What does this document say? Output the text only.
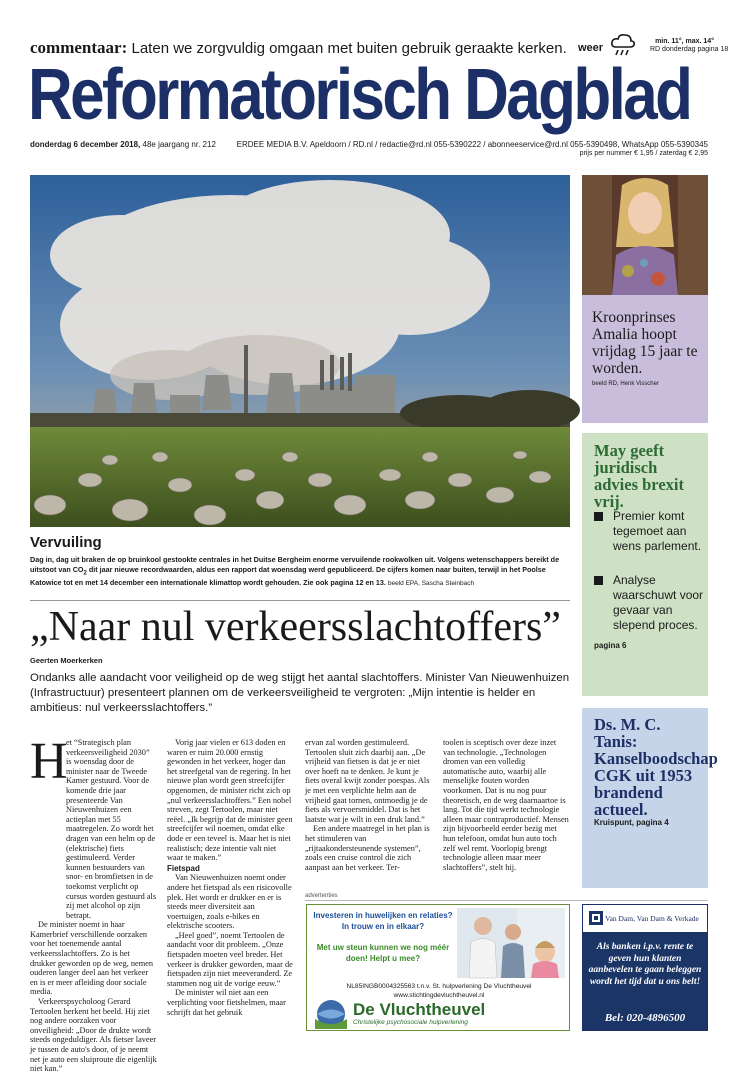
commentaar: Laten we zorgvuldig omgaan met buiten gebruik geraakte kerken. weer
min. 11°, max. 14°
RD donderdag pagina 18
Reformatorisch Dagblad
donderdag 6 december 2018, 48e jaargang nr. 212	ERDEE MEDIA B.V. Apeldoorn / RD.nl / redactie@rd.nl 055-5390222 / abonneeservice@rd.nl 055-5390498, WhatsApp 055-5390345
prijs per nummer € 1,95 / zaterdag € 2,95
Vervuiling
Dag in, dag uit braken de op bruinkool gestookte centrales in het Duitse Bergheim enorme vervuilende rookwolken uit. Volgens wetenschappers bereikt de uitstoot van $CO_2$ dit jaar nieuwe recordwaarden, aldus een rapport dat woensdag werd gepubliceerd. De cijfers komen naar buiten, terwijl in het Poolse Katowice tot en met 14 december een internationale klimattop wordt gehouden. Zie ook pagina 12 en 13. beeld EPA, Sascha Steinbach
„Naar nul verkeersslachtoffers”
Geerten Moerkerken
Ondanks alle aandacht voor veiligheid op de weg stijgt het aantal slachtoffers. Minister Van Nieuwenhuizen (Infrastructuur) presenteert plannen om de verkeersveiligheid te vergroten: „Mijn intentie is helder en ambitieus: nul verkeersslachtoffers.”
H

et “Strategisch plan verkeersveiligheid 2030” is woensdag door de minister naar de Tweede Kamer gestuurd. Voor de komende drie jaar presenteerde Van Nieuwenhuizen een actieplan met 55 maatregelen. Zo wordt het dragen van een helm op de (elektrische) fiets gestimuleerd. Verder kunnen bestuurders van snor- en bromfietsen in de toekomst verplicht op cursus worden gestuurd als zij met alcohol op zijn betrapt.

De minister noemt in haar Kamerbrief verschillende oorzaken voor het toenemende aantal verkeersslachtoffers. Zo is het drukker geworden op de weg, nemen ouderen langer deel aan het verkeer en is er meer afleiding door sociale media.

Verkeerspsycholoog Gerard Tertoolen herkent het beeld. Hij ziet nog andere oorzaken voor onveiligheid: „Door de drukte wordt steeds ongeduldiger. Als fietser laveer je tussen de auto's door, of je neemt net je auto een sluiproute die eigenlijk niet kan.”

Vorig jaar vielen er 613 doden en waren er ruim 20.000 ernstig gewonden in het verkeer, hoger dan het streefgetal van de regering. In het nieuwe plan wordt geen streefcijfer opgenomen, de minister richt zich op „nul verkeersslachtoffers.” Een nobel streven, zegt Tertoolen, maar niet reëel. „Ik begrijp dat de minister geen streefcijfer wil noemen, omdat elke dode er een teveel is. Maar het is niet realistisch; deze intentie valt niet waar te maken.”

Fietspad

Van Nieuwenhuizen noemt onder andere het fietspad als een risicovolle plek. Het wordt er drukker en er is steeds meer diversiteit aan voertuigen, zoals e-bikes en elektrische scooters.

„Heel goed”, noemt Tertoolen de aandacht voor dit probleem. „Onze fietspaden moeten veel breder. Het verkeer is drukker geworden, maar de fietspaden zijn niet meeveranderd. Ze stammen nog uit de vorige eeuw.”

De minister wil niet aan een verplichting voor fietshelmen, maar schrijft dat het gebruik

ervan zal worden gestimuleerd. Tertoolen sluit zich daarbij aan. „De vrijheid van fietsen is dat je er niet over hoeft na te denken. Je kunt je fiets overal kwijt zonder poespas. Als je met een verplichte helm aan de vrijheid gaat tornen, ontmoedig je de fiets als vervoersmiddel. Dat is het laatste wat je wilt in een druk land.”

Een andere maatregel in het plan is het stimuleren van „rijtaakondersteunende systemen”, zoals een cruise control die zich aanpast aan het verkeer. Ter-

toolen is sceptisch over deze inzet van technologie. „Technologen dromen van een volledig automatische auto, waarbij alle menselijke fouten worden voorkomen. Dat is nu nog puur theoretisch, en de weg daarnaartoe is lang. Tot die tijd werkt technologie alleen maar contraproductief. Mensen zijn bijvoorbeeld eerder bezig met hun telefoon, omdat hun auto toch zelf wel remt. Voorlopig brengt technologie alleen maar meer slachtoffers”, stelt hij.

advertenties
Investeren in huwelijken en relaties? In trouw en in elkaar?
Met uw steun kunnen we nog méér doen! Helpt u mee?
NL85INGB0004325563 t.n.v. St. hulpverlening De Vluchtheuvel www.stichtingdevluchtheuvel.nl
De Vluchtheuvel
Christelijke psychosociale hulpverlening
Van Dam, Van Dam & Verkade
Als banken i.p.v. rente te geven hun klanten aanbevelen te gaan beleggen wordt het tijd dat u ons belt!
Bel: 020-4896500
Kroonprinses Amalia hoopt vrijdag 15 jaar te worden.
beeld RD, Henk Visscher
May geeft juridisch advies brexit vrij.
Premier komt tegemoet aan wens parlement.
Analyse waarschuwt voor gevaar van slepend proces.
pagina 6
Ds. M. C. Tanis: Kanselboodschap CGK uit 1953 brandend actueel.
Kruispunt, pagina 4
